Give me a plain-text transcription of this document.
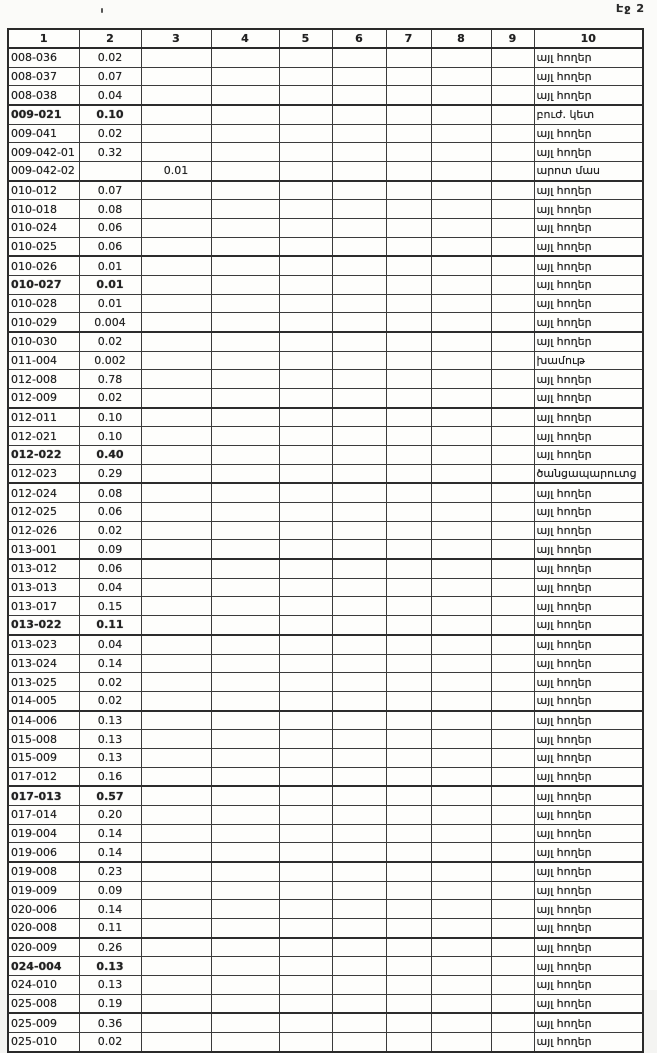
Էջ 2
1	2	3	4	5	6	7	8	9	10
008-036	0.02								այլ հողեր
008-037	0.07								այլ հողեր
008-038	0.04								այլ հողեր
009-021	0.10								բուժ. կետ
009-041	0.02								այլ հողեր
009-042-01	0.32								այլ հողեր
009-042-02		0.01							արոտ մաս
010-012	0.07								այլ հողեր
010-018	0.08								այլ հողեր
010-024	0.06								այլ հողեր
010-025	0.06								այլ հողեր
010-026	0.01								այլ հողեր
010-027	0.01								այլ հողեր
010-028	0.01								այլ հողեր
010-029	0.004								այլ հողեր
010-030	0.02								այլ հողեր
011-004	0.002								խամութ
012-008	0.78								այլ հողեր
012-009	0.02								այլ հողեր
012-011	0.10								այլ հողեր
012-021	0.10								այլ հողեր
012-022	0.40								այլ հողեր
012-023	0.29								ծանցապարուտց
012-024	0.08								այլ հողեր
012-025	0.06								այլ հողեր
012-026	0.02								այլ հողեր
013-001	0.09								այլ հողեր
013-012	0.06								այլ հողեր
013-013	0.04								այլ հողեր
013-017	0.15								այլ հողեր
013-022	0.11								այլ հողեր
013-023	0.04								այլ հողեր
013-024	0.14								այլ հողեր
013-025	0.02								այլ հողեր
014-005	0.02								այլ հողեր
014-006	0.13								այլ հողեր
015-008	0.13								այլ հողեր
015-009	0.13								այլ հողեր
017-012	0.16								այլ հողեր
017-013	0.57								այլ հողեր
017-014	0.20								այլ հողեր
019-004	0.14								այլ հողեր
019-006	0.14								այլ հողեր
019-008	0.23								այլ հողեր
019-009	0.09								այլ հողեր
020-006	0.14								այլ հողեր
020-008	0.11								այլ հողեր
020-009	0.26								այլ հողեր
024-004	0.13								այլ հողեր
024-010	0.13								այլ հողեր
025-008	0.19								այլ հողեր
025-009	0.36								այլ հողեր
025-010	0.02								այլ հողեր
